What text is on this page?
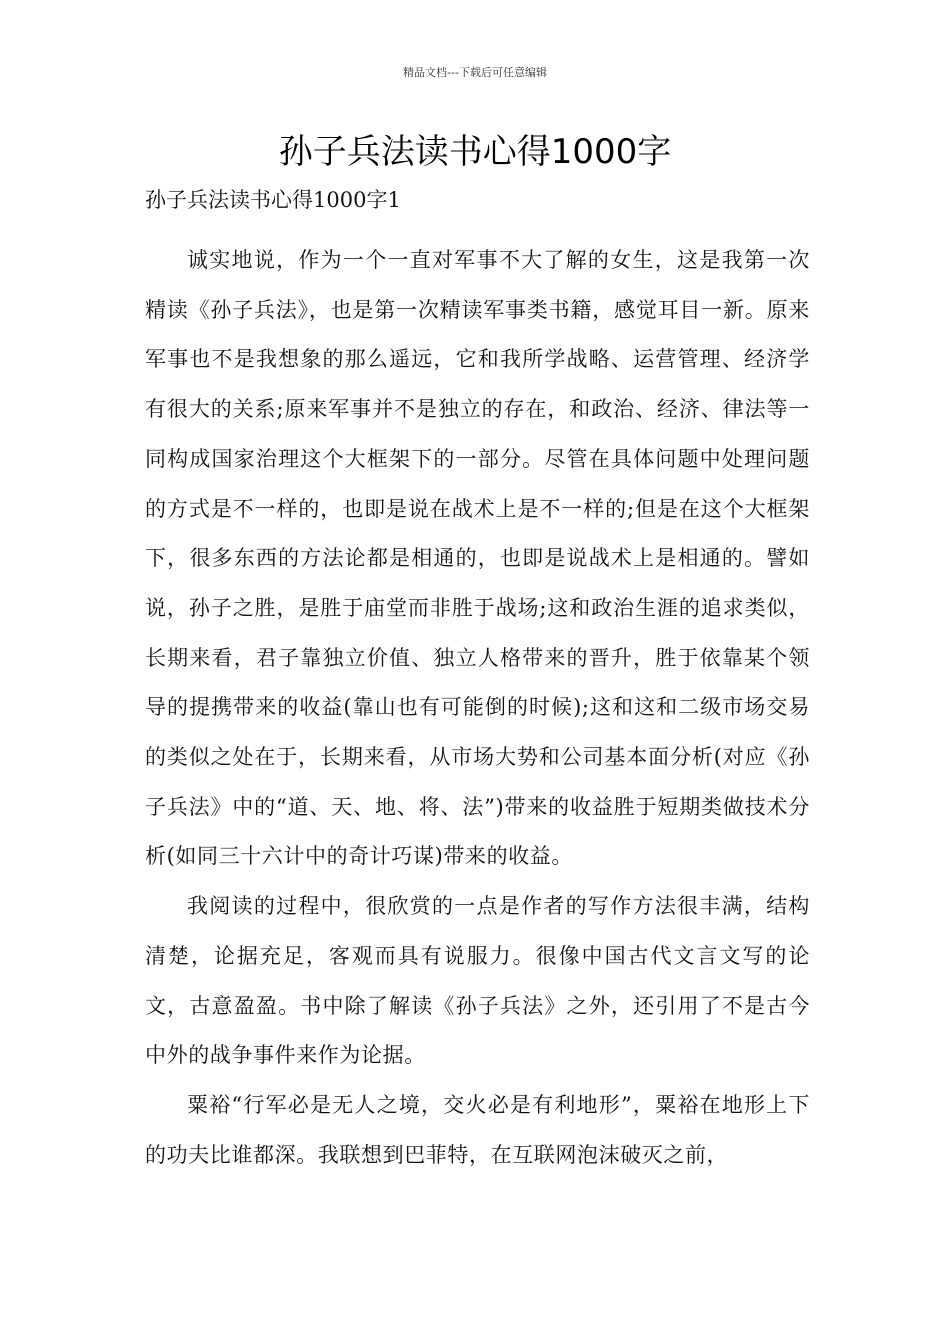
精品文档---下载后可任意编辑
孙子兵法读书心得1000字

孙子兵法读书心得1000字1

诚实地说，作为一个一直对军事不大了解的女生，这是我第一次精读《孙子兵法》，也是第一次精读军事类书籍，感觉耳目一新。原来军事也不是我想象的那么遥远，它和我所学战略、运营管理、经济学有很大的关系;原来军事并不是独立的存在，和政治、经济、律法等一同构成国家治理这个大框架下的一部分。尽管在具体问题中处理问题的方式是不一样的，也即是说在战术上是不一样的;但是在这个大框架下，很多东西的方法论都是相通的，也即是说战术上是相通的。譬如说，孙子之胜，是胜于庙堂而非胜于战场;这和政治生涯的追求类似，长期来看，君子靠独立价值、独立人格带来的晋升，胜于依靠某个领导的提携带来的收益(靠山也有可能倒的时候);这和这和二级市场交易的类似之处在于，长期来看，从市场大势和公司基本面分析(对应《孙子兵法》中的“道、天、地、将、法”)带来的收益胜于短期类做技术分析(如同三十六计中的奇计巧谋)带来的收益。

我阅读的过程中，很欣赏的一点是作者的写作方法很丰满，结构清楚，论据充足，客观而具有说服力。很像中国古代文言文写的论文，古意盈盈。书中除了解读《孙子兵法》之外，还引用了不是古今中外的战争事件来作为论据。

粟裕“行军必是无人之境，交火必是有利地形”，粟裕在地形上下的功夫比谁都深。我联想到巴菲特，在互联网泡沫破灭之前，
